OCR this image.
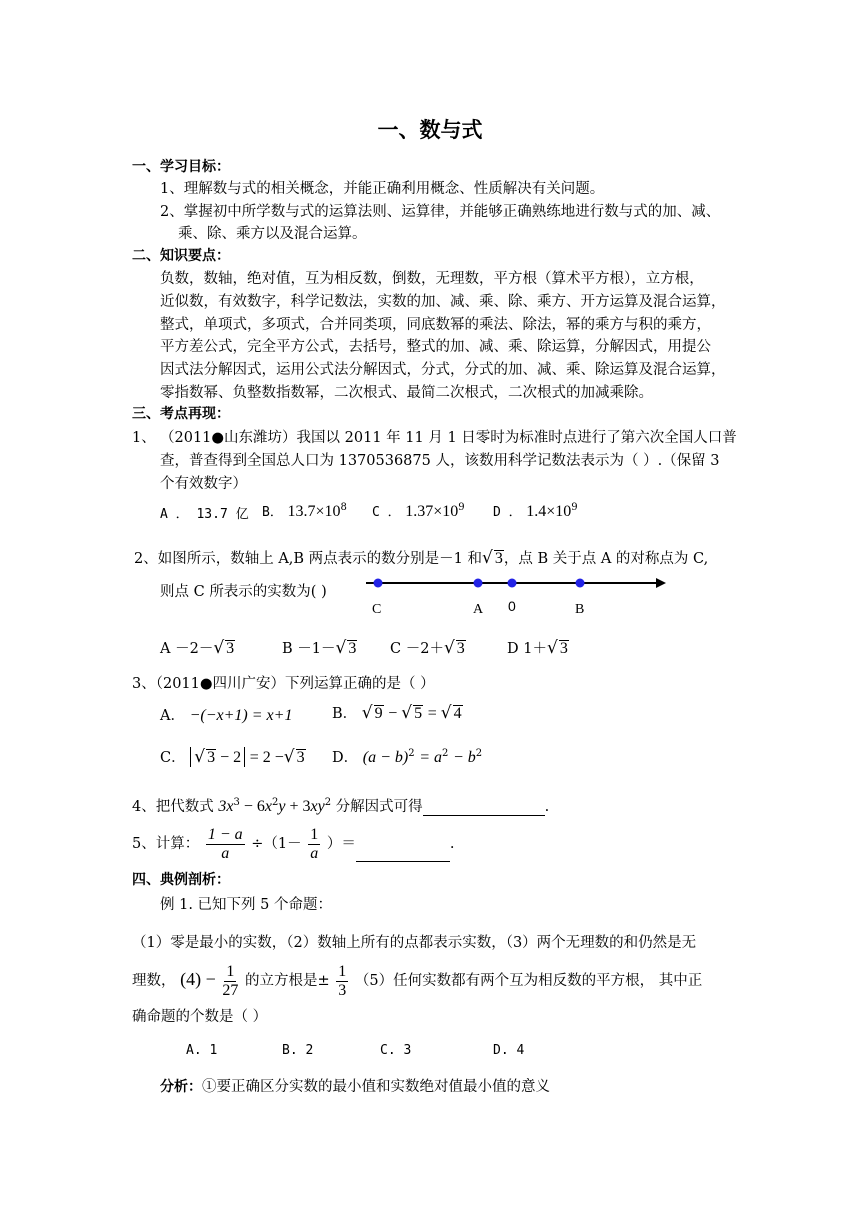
一、数与式
一、学习目标：
1、理解数与式的相关概念，并能正确利用概念、性质解决有关问题。
2、掌握初中所学数与式的运算法则、运算律，并能够正确熟练地进行数与式的加、减、
乘、除、乘方以及混合运算。
二、知识要点：
负数，数轴，绝对值，互为相反数，倒数，无理数，平方根（算术平方根），立方根，
近似数，有效数字，科学记数法，实数的加、减、乘、除、乘方、开方运算及混合运算，
整式，单项式，多项式，合并同类项，同底数幂的乘法、除法，幂的乘方与积的乘方，
平方差公式，完全平方公式，去括号，整式的加、减、乘、除运算，分解因式，用提公
因式法分解因式，运用公式法分解因式，分式，分式的加、减、乘、除运算及混合运算，
零指数幂、负整数指数幂，二次根式、最简二次根式，二次根式的加减乘除。
三、考点再现：
1、 （2011●山东潍坊）我国以 2011 年 11 月 1 日零时为标准时点进行了第六次全国人口普
查，普查得到全国总人口为 1370536875 人，该数用科学记数法表示为（ ）.（保留 3
个有效数字）
A ． 13.7 亿 B． $13.7\times 10^8$ C ． $1.37\times 10^9$ D ． $1.4\times 10^9$
2、如图所示，数轴上 A,B 两点表示的数分别是－1 和√ 3，点 B 关于点 A 的对称点为 C,
则点 C 所表示的实数为( )
C	A 0	B
A －2－√ 3	B －1－√ 3 C －2＋√ 3	D 1＋√ 3
3、（2011●四川广安）下列运算正确的是（ ）
A． −(−x+1) = x+1	B． √ 9 − √ 5 = √ 4
C． √ 3 − 2 = 2 −√ 3 D． $(a - b)^2 = a^2 - b^2$
4、把代数式 $3x^3 - 6x^2y + 3xy^2$ 分解因式可得	.
5、计算： $\frac{1 - a}{a} \div(1- \frac{1}{a}$ ）＝	.
四、典例剖析：
例 1. 已知下列 5 个命题：
（1）零是最小的实数，（2）数轴上所有的点都表示实数，（3）两个无理数的和仍然是无
理数， $(4) - \frac{1}{27}$ 的立方根是± $\frac{1}{3} (5)$任何实数都有两个互为相反数的平方根， 其中正
确命题的个数是（ ）
A. 1	B. 2	C. 3	D. 4
分析：①要正确区分实数的最小值和实数绝对值最小值的意义
